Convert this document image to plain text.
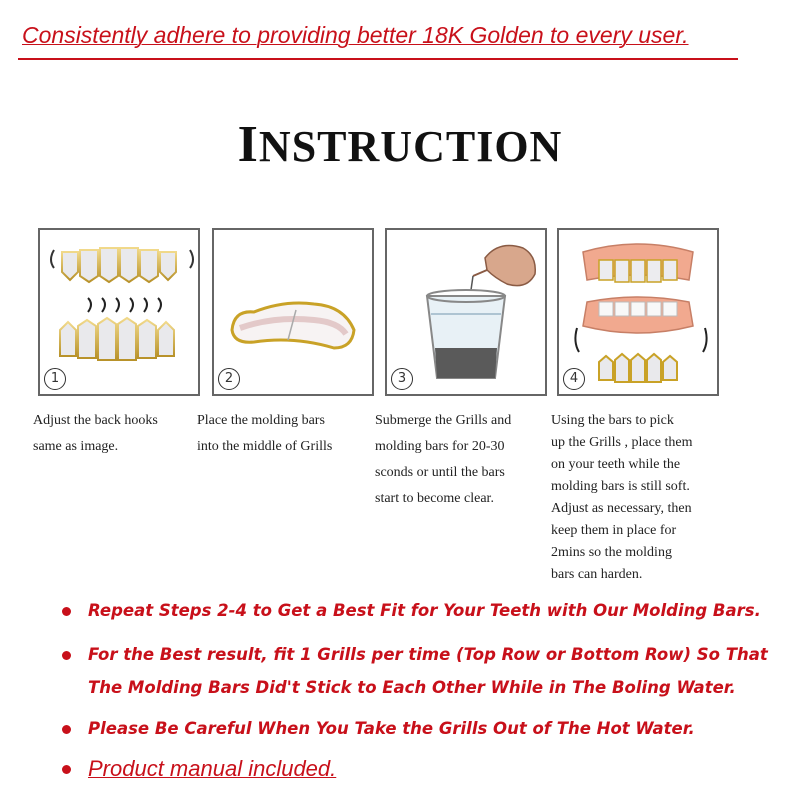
Consistently adhere to providing better 18K Golden to every user.
INSTRUCTION
1	2	3	4
Adjust the back hooks
same as image.
Place the molding bars
into the middle of Grills
Submerge the Grills and
molding bars for 20-30
sconds or until the bars
start to become clear.
Using the bars to pick
up the Grills , place them
on your teeth while the
molding bars is still soft.
Adjust as necessary, then
keep them in place for
2mins so the molding
bars can harden.
Repeat Steps 2-4 to Get a Best Fit for Your Teeth with Our Molding Bars.
For the Best result, fit 1 Grills per time (Top Row or Bottom Row) So That
The Molding Bars Did't Stick to Each Other While in The Boling Water.
Please Be Careful When You Take the Grills Out of The Hot Water.
Product manual included.
